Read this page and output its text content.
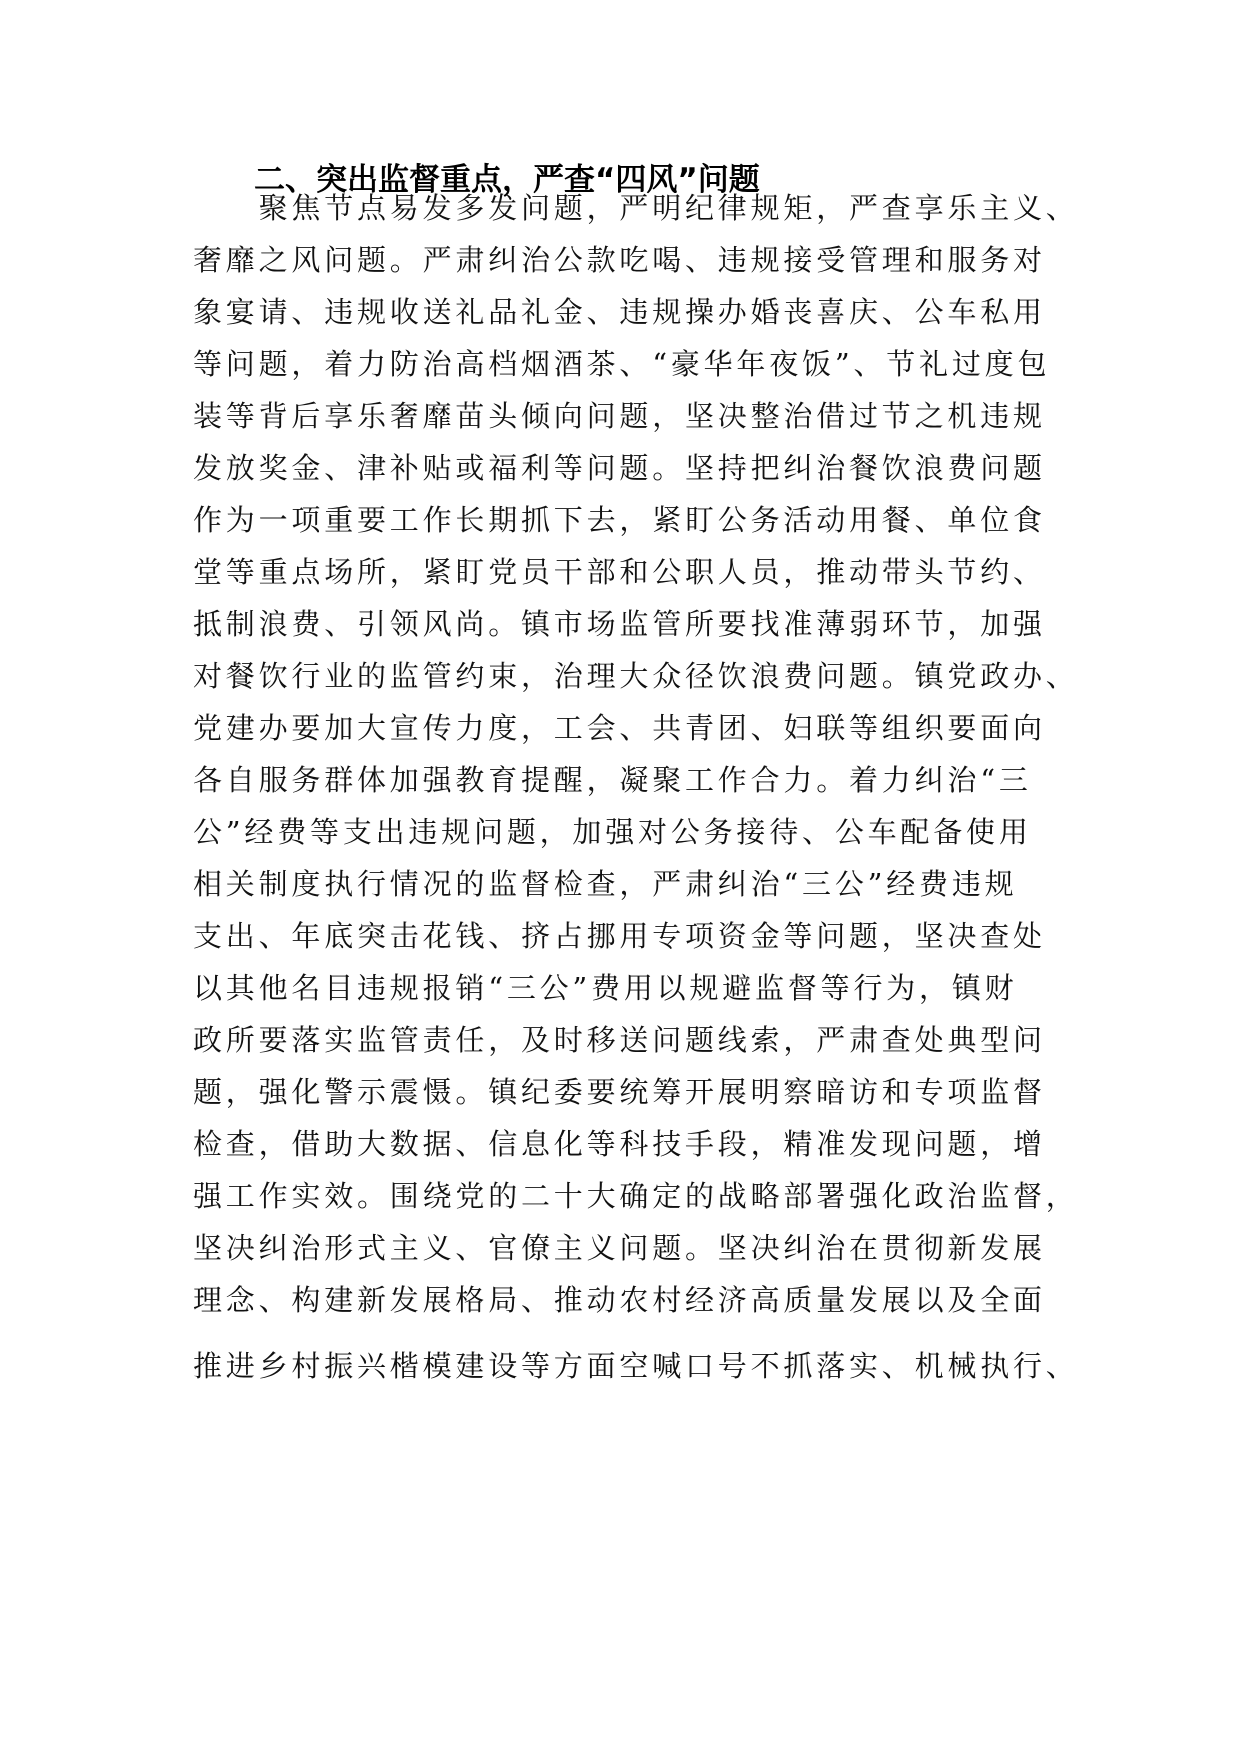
二、突出监督重点，严查“四风”问题

　　聚焦节点易发多发问题，严明纪律规矩，严查享乐主义、

奢靡之风问题。严肃纠治公款吃喝、违规接受管理和服务对

象宴请、违规收送礼品礼金、违规操办婚丧喜庆、公车私用

等问题，着力防治高档烟酒茶、“豪华年夜饭”、节礼过度包

装等背后享乐奢靡苗头倾向问题，坚决整治借过节之机违规

发放奖金、津补贴或福利等问题。坚持把纠治餐饮浪费问题

作为一项重要工作长期抓下去，紧盯公务活动用餐、单位食

堂等重点场所，紧盯党员干部和公职人员，推动带头节约、

抵制浪费、引领风尚。镇市场监管所要找准薄弱环节，加强

对餐饮行业的监管约束，治理大众径饮浪费问题。镇党政办、

党建办要加大宣传力度，工会、共青团、妇联等组织要面向

各自服务群体加强教育提醒，凝聚工作合力。着力纠治“三

公”经费等支出违规问题，加强对公务接待、公车配备使用

相关制度执行情况的监督检查，严肃纠治“三公”经费违规

支出、年底突击花钱、挤占挪用专项资金等问题，坚决查处

以其他名目违规报销“三公”费用以规避监督等行为，镇财

政所要落实监管责任，及时移送问题线索，严肃查处典型问

题，强化警示震慑。镇纪委要统筹开展明察暗访和专项监督

检查，借助大数据、信息化等科技手段，精准发现问题，增

强工作实效。围绕党的二十大确定的战略部署强化政治监督，

坚决纠治形式主义、官僚主义问题。坚决纠治在贯彻新发展

理念、构建新发展格局、推动农村经济高质量发展以及全面

推进乡村振兴楷模建设等方面空喊口号不抓落实、机械执行、
